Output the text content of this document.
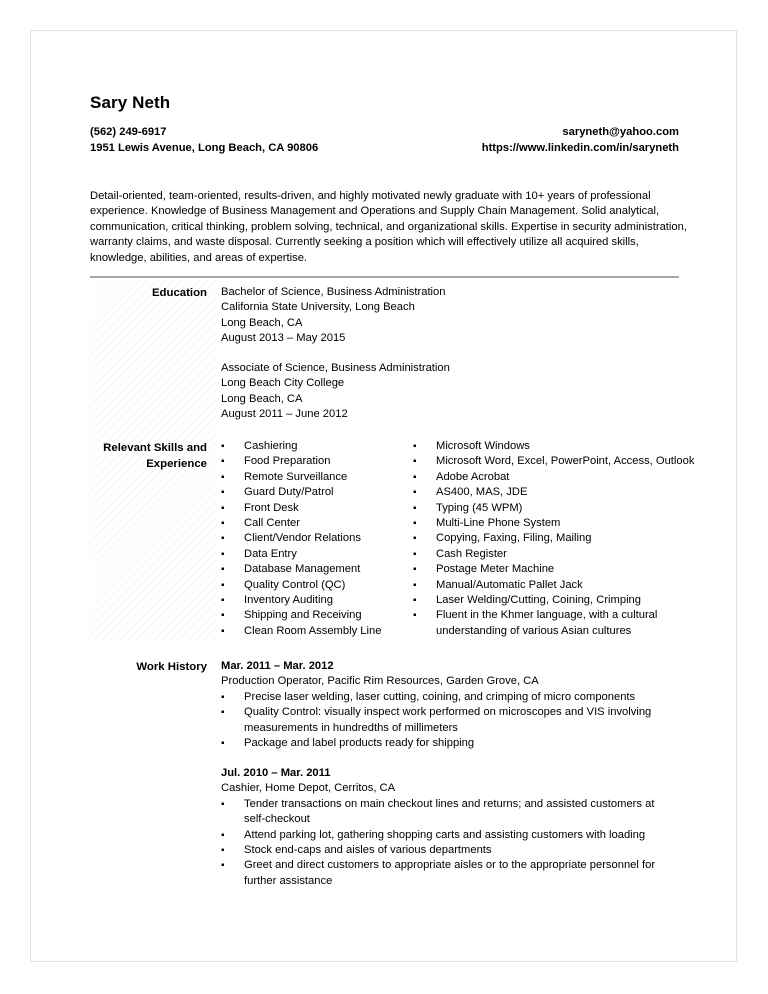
Sary Neth
(562) 249-6917
1951 Lewis Avenue, Long Beach, CA 90806
saryneth@yahoo.com
https://www.linkedin.com/in/saryneth
Detail-oriented, team-oriented, results-driven, and highly motivated newly graduate with 10+ years of professional experience. Knowledge of Business Management and Operations and Supply Chain Management. Solid analytical, communication, critical thinking, problem solving, technical, and organizational skills. Expertise in security administration, warranty claims, and waste disposal. Currently seeking a position which will effectively utilize all acquired skills, knowledge, abilities, and areas of expertise.
Education Bachelor of Science, Business Administration
California State University, Long Beach
Long Beach, CA
August 2013 – May 2015
Associate of Science, Business Administration
Long Beach City College
Long Beach, CA
August 2011 – June 2012
Relevant Skills and
Experience
▪ Cashiering
▪ Food Preparation
▪ Remote Surveillance
▪ Guard Duty/Patrol
▪ Front Desk
▪ Call Center
▪ Client/Vendor Relations
▪ Data Entry
▪ Database Management
▪ Quality Control (QC)
▪ Inventory Auditing
▪ Shipping and Receiving
▪ Clean Room Assembly Line
▪ Microsoft Windows
▪ Microsoft Word, Excel, PowerPoint, Access, Outlook
▪ Adobe Acrobat
▪ AS400, MAS, JDE
▪ Typing (45 WPM)
▪ Multi-Line Phone System
▪ Copying, Faxing, Filing, Mailing
▪ Cash Register
▪ Postage Meter Machine
▪ Manual/Automatic Pallet Jack
▪ Laser Welding/Cutting, Coining, Crimping
▪ Fluent in the Khmer language, with a cultural understanding of various Asian cultures
Work History Mar. 2011 – Mar. 2012
Production Operator, Pacific Rim Resources, Garden Grove, CA
▪ Precise laser welding, laser cutting, coining, and crimping of micro components
▪ Quality Control: visually inspect work performed on microscopes and VIS involving measurements in hundredths of millimeters
▪ Package and label products ready for shipping
Jul. 2010 – Mar. 2011
Cashier, Home Depot, Cerritos, CA
▪ Tender transactions on main checkout lines and returns; and assisted customers at self-checkout
▪ Attend parking lot, gathering shopping carts and assisting customers with loading
▪ Stock end-caps and aisles of various departments
▪ Greet and direct customers to appropriate aisles or to the appropriate personnel for further assistance
